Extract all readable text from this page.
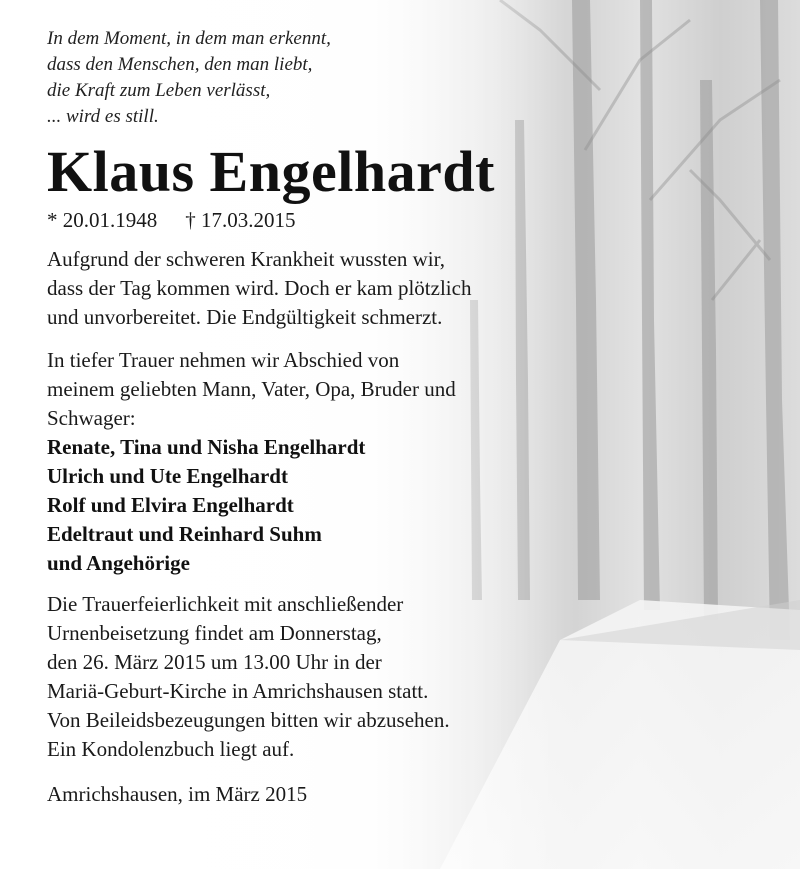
In dem Moment, in dem man erkennt,
dass den Menschen, den man liebt,
die Kraft zum Leben verlässt,
... wird es still.
Klaus Engelhardt
* 20.01.1948 † 17.03.2015
Aufgrund der schweren Krankheit wussten wir,
dass der Tag kommen wird. Doch er kam plötzlich
und unvorbereitet. Die Endgültigkeit schmerzt.
In tiefer Trauer nehmen wir Abschied von
meinem geliebten Mann, Vater, Opa, Bruder und
Schwager:
Renate, Tina und Nisha Engelhardt
Ulrich und Ute Engelhardt
Rolf und Elvira Engelhardt
Edeltraut und Reinhard Suhm
und Angehörige
Die Trauerfeierlichkeit mit anschließender
Urnenbeisetzung findet am Donnerstag,
den 26. März 2015 um 13.00 Uhr in der
Mariä-Geburt-Kirche in Amrichshausen statt.
Von Beileidsbezeugungen bitten wir abzusehen.
Ein Kondolenzbuch liegt auf.
Amrichshausen, im März 2015
